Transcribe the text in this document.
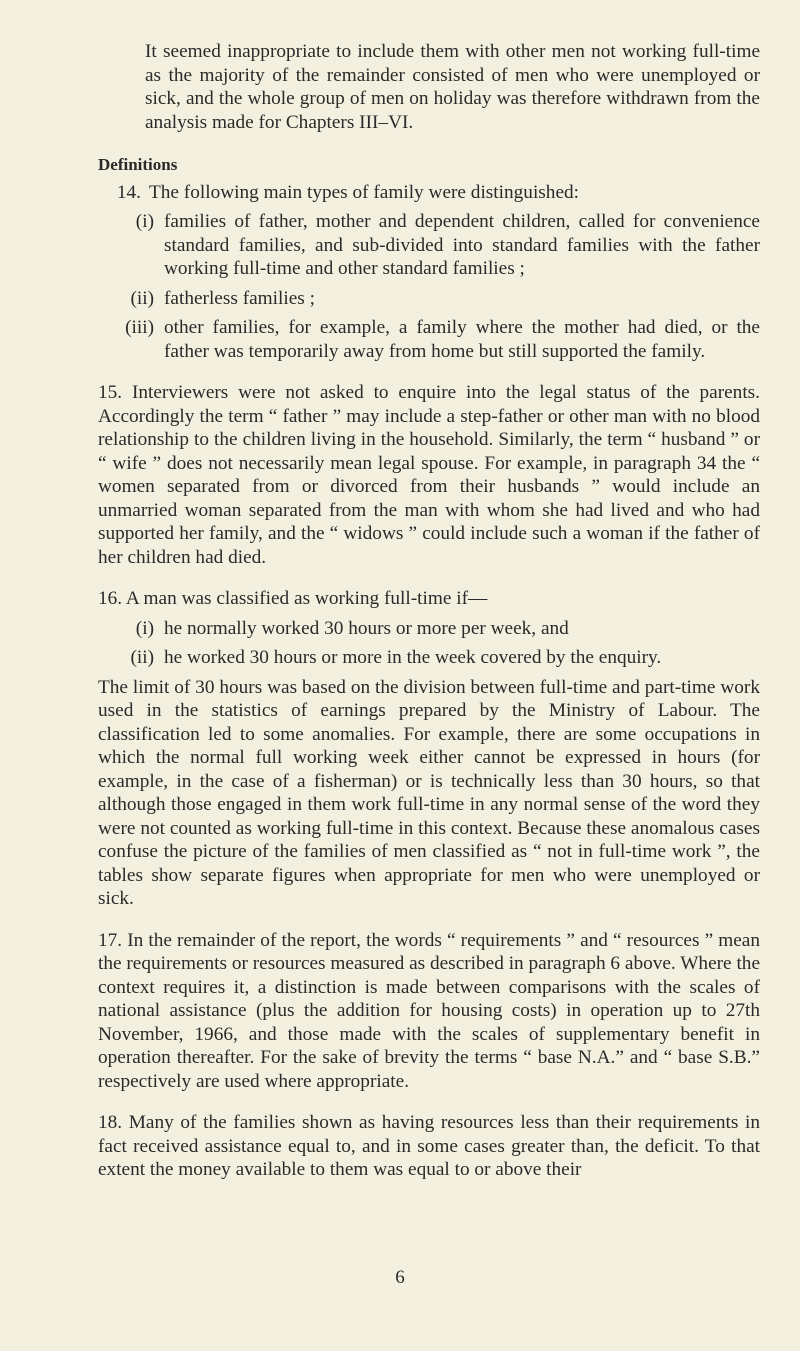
It seemed inappropriate to include them with other men not working full-time as the majority of the remainder consisted of men who were unemployed or sick, and the whole group of men on holiday was therefore withdrawn from the analysis made for Chapters III–VI.

Definitions
14. The following main types of family were distinguished:
(i) families of father, mother and dependent children, called for convenience standard families, and sub-divided into standard families with the father working full-time and other standard families ;
(ii) fatherless families ;
(iii) other families, for example, a family where the mother had died, or the father was temporarily away from home but still supported the family.

15. Interviewers were not asked to enquire into the legal status of the parents. Accordingly the term “ father ” may include a step-father or other man with no blood relationship to the children living in the household. Similarly, the term “ husband ” or “ wife ” does not necessarily mean legal spouse. For example, in paragraph 34 the “ women separated from or divorced from their husbands ” would include an unmarried woman separated from the man with whom she had lived and who had supported her family, and the “ widows ” could include such a woman if the father of her children had died.

16. A man was classified as working full-time if—

(i) he normally worked 30 hours or more per week, and
(ii) he worked 30 hours or more in the week covered by the enquiry.

The limit of 30 hours was based on the division between full-time and part-time work used in the statistics of earnings prepared by the Ministry of Labour. The classification led to some anomalies. For example, there are some occupations in which the normal full working week either cannot be expressed in hours (for example, in the case of a fisherman) or is technically less than 30 hours, so that although those engaged in them work full-time in any normal sense of the word they were not counted as working full-time in this context. Because these anomalous cases confuse the picture of the families of men classified as “ not in full-time work ”, the tables show separate figures when appropriate for men who were unemployed or sick.

17. In the remainder of the report, the words “ requirements ” and “ resources ” mean the requirements or resources measured as described in paragraph 6 above. Where the context requires it, a distinction is made between comparisons with the scales of national assistance (plus the addition for housing costs) in operation up to 27th November, 1966, and those made with the scales of supplementary benefit in operation thereafter. For the sake of brevity the terms “ base N.A.” and “ base S.B.” respectively are used where appropriate.

18. Many of the families shown as having resources less than their requirements in fact received assistance equal to, and in some cases greater than, the deficit. To that extent the money available to them was equal to or above their

6
